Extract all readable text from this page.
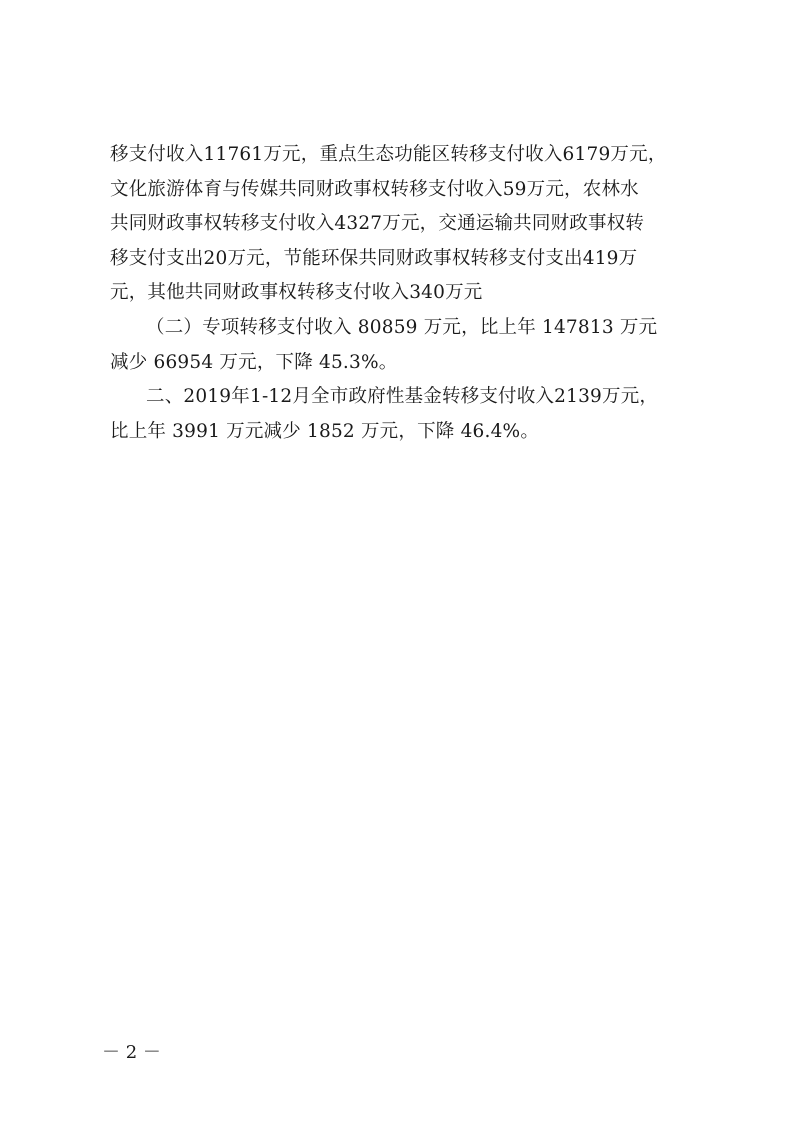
移支付收入11761万元，重点生态功能区转移支付收入6179万元，
文化旅游体育与传媒共同财政事权转移支付收入59万元，农林水
共同财政事权转移支付收入4327万元，交通运输共同财政事权转
移支付支出20万元，节能环保共同财政事权转移支付支出419万
元，其他共同财政事权转移支付收入340万元
（二）专项转移支付收入 80859 万元，比上年 147813 万元
减少 66954 万元，下降 45.3%。
二、2019年1-12月全市政府性基金转移支付收入2139万元，
比上年 3991 万元减少 1852 万元，下降 46.4%。
－ 2 －
